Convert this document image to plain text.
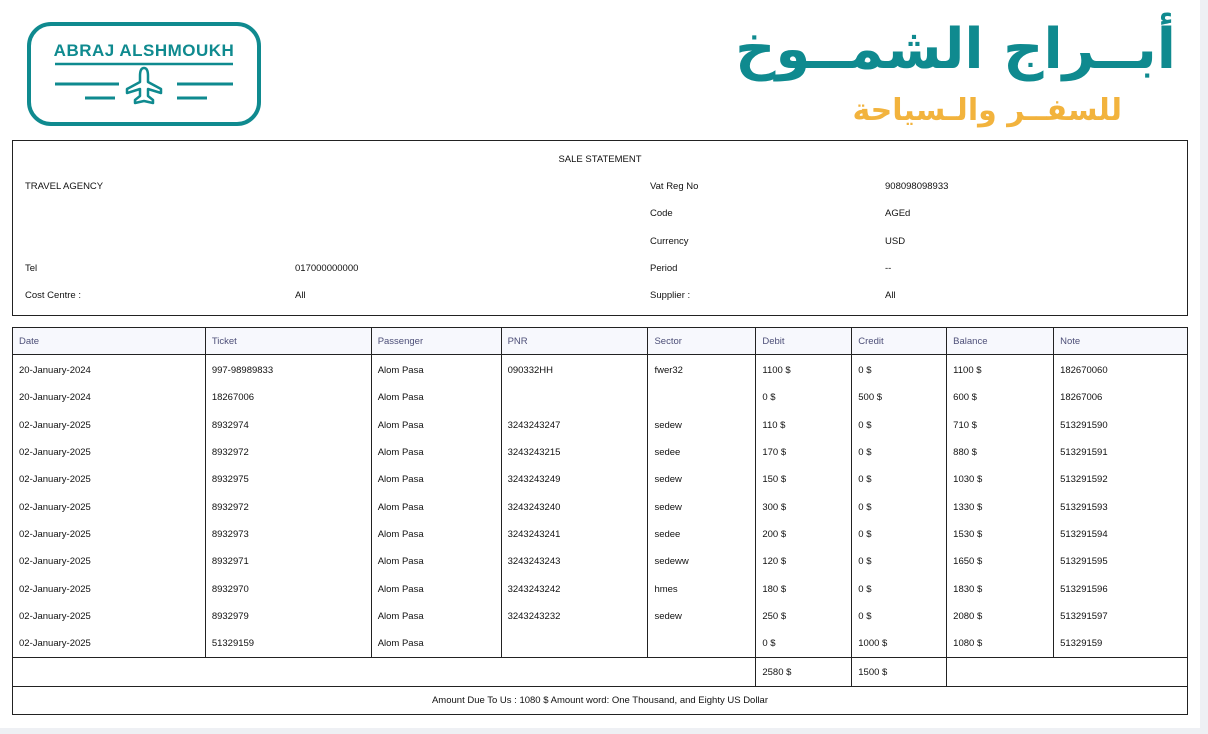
ABRAJ ALSHMOUKH	أبــراج الشمــوخ
للسفــر والـسياحة
SALE STATEMENT
TRAVEL AGENCY
Tel	017000000000
Cost Centre :	All
Vat Reg No	908098098933
Code	AGEd
Currency	USD
Period	--
Supplier :	All
Date	Ticket	Passenger	PNR	Sector	Debit	Credit	Balance	Note
20-January-2024	997-98989833	Alom Pasa	090332HH	fwer32	1100 $	0 $	1100 $	182670060
20-January-2024	18267006	Alom Pasa			0 $	500 $	600 $	18267006
02-January-2025	8932974	Alom Pasa	3243243247	sedew	110 $	0 $	710 $	513291590
02-January-2025	8932972	Alom Pasa	3243243215	sedee	170 $	0 $	880 $	513291591
02-January-2025	8932975	Alom Pasa	3243243249	sedew	150 $	0 $	1030 $	513291592
02-January-2025	8932972	Alom Pasa	3243243240	sedew	300 $	0 $	1330 $	513291593
02-January-2025	8932973	Alom Pasa	3243243241	sedee	200 $	0 $	1530 $	513291594
02-January-2025	8932971	Alom Pasa	3243243243	sedeww	120 $	0 $	1650 $	513291595
02-January-2025	8932970	Alom Pasa	3243243242	hmes	180 $	0 $	1830 $	513291596
02-January-2025	8932979	Alom Pasa	3243243232	sedew	250 $	0 $	2080 $	513291597
02-January-2025	51329159	Alom Pasa			0 $	1000 $	1080 $	51329159
					2580 $	1500 $		
Amount Due To Us : 1080 $ Amount word: One Thousand, and Eighty US Dollar								
